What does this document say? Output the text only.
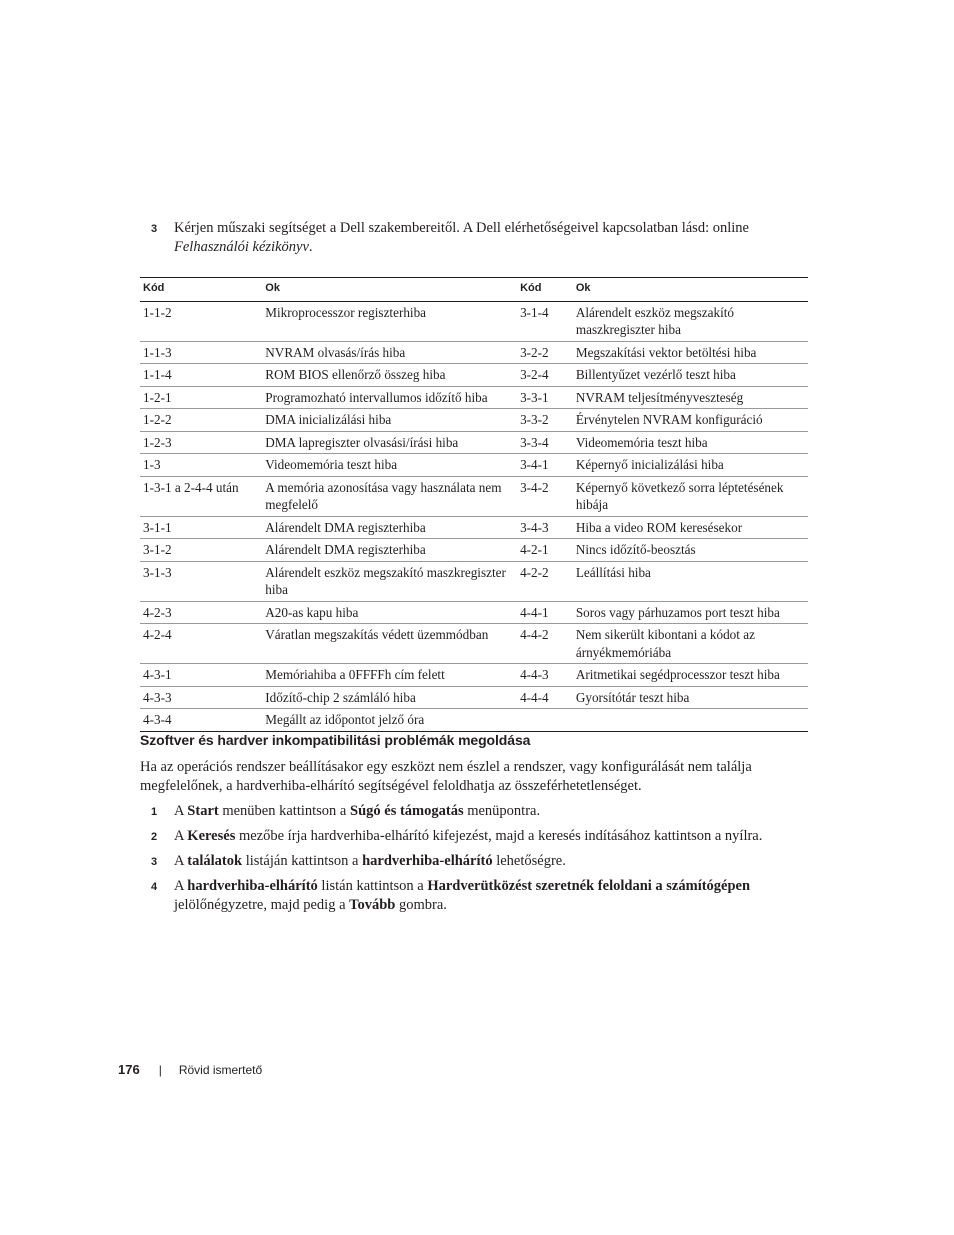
3 Kérjen műszaki segítséget a Dell szakembereitől. A Dell elérhetőségeivel kapcsolatban lásd: online Felhasználói kézikönyv.
Kód	Ok	Kód	Ok
1-1-2	Mikroprocesszor regiszterhiba	3-1-4	Alárendelt eszköz megszakító maszkregiszter hiba
1-1-3	NVRAM olvasás/írás hiba	3-2-2	Megszakítási vektor betöltési hiba
1-1-4	ROM BIOS ellenőrző összeg hiba	3-2-4	Billentyűzet vezérlő teszt hiba
1-2-1	Programozható intervallumos időzítő hiba	3-3-1	NVRAM teljesítményveszteség
1-2-2	DMA inicializálási hiba	3-3-2	Érvénytelen NVRAM konfiguráció
1-2-3	DMA lapregiszter olvasási/írási hiba	3-3-4	Videomemória teszt hiba
1-3	Videomemória teszt hiba	3-4-1	Képernyő inicializálási hiba
1-3-1 a 2-4-4 után	A memória azonosítása vagy használata nem megfelelő	3-4-2	Képernyő következő sorra léptetésének hibája
3-1-1	Alárendelt DMA regiszterhiba	3-4-3	Hiba a video ROM keresésekor
3-1-2	Alárendelt DMA regiszterhiba	4-2-1	Nincs időzítő-beosztás
3-1-3	Alárendelt eszköz megszakító maszkregiszter hiba	4-2-2	Leállítási hiba
4-2-3	A20-as kapu hiba	4-4-1	Soros vagy párhuzamos port teszt hiba
4-2-4	Váratlan megszakítás védett üzemmódban	4-4-2	Nem sikerült kibontani a kódot az árnyékmemóriába
4-3-1	Memóriahiba a 0FFFFh cím felett	4-4-3	Aritmetikai segédprocesszor teszt hiba
4-3-3	Időzítő-chip 2 számláló hiba	4-4-4	Gyorsítótár teszt hiba
4-3-4	Megállt az időpontot jelző óra		
Szoftver és hardver inkompatibilitási problémák megoldása
Ha az operációs rendszer beállításakor egy eszközt nem észlel a rendszer, vagy konfigurálását nem találja megfelelőnek, a hardverhiba-elhárító segítségével feloldhatja az összeférhetetlenséget.
1 A Start menüben kattintson a Súgó és támogatás menüpontra.
2 A Keresés mezőbe írja hardverhiba-elhárító kifejezést, majd a keresés indításához kattintson a nyílra.
3 A találatok listáján kattintson a hardverhiba-elhárító lehetőségre.
4 A hardverhiba-elhárító listán kattintson a Hardverütközést szeretnék feloldani a számítógépen jelölőnégyzetre, majd pedig a Tovább gombra.
176 | Rövid ismertető
